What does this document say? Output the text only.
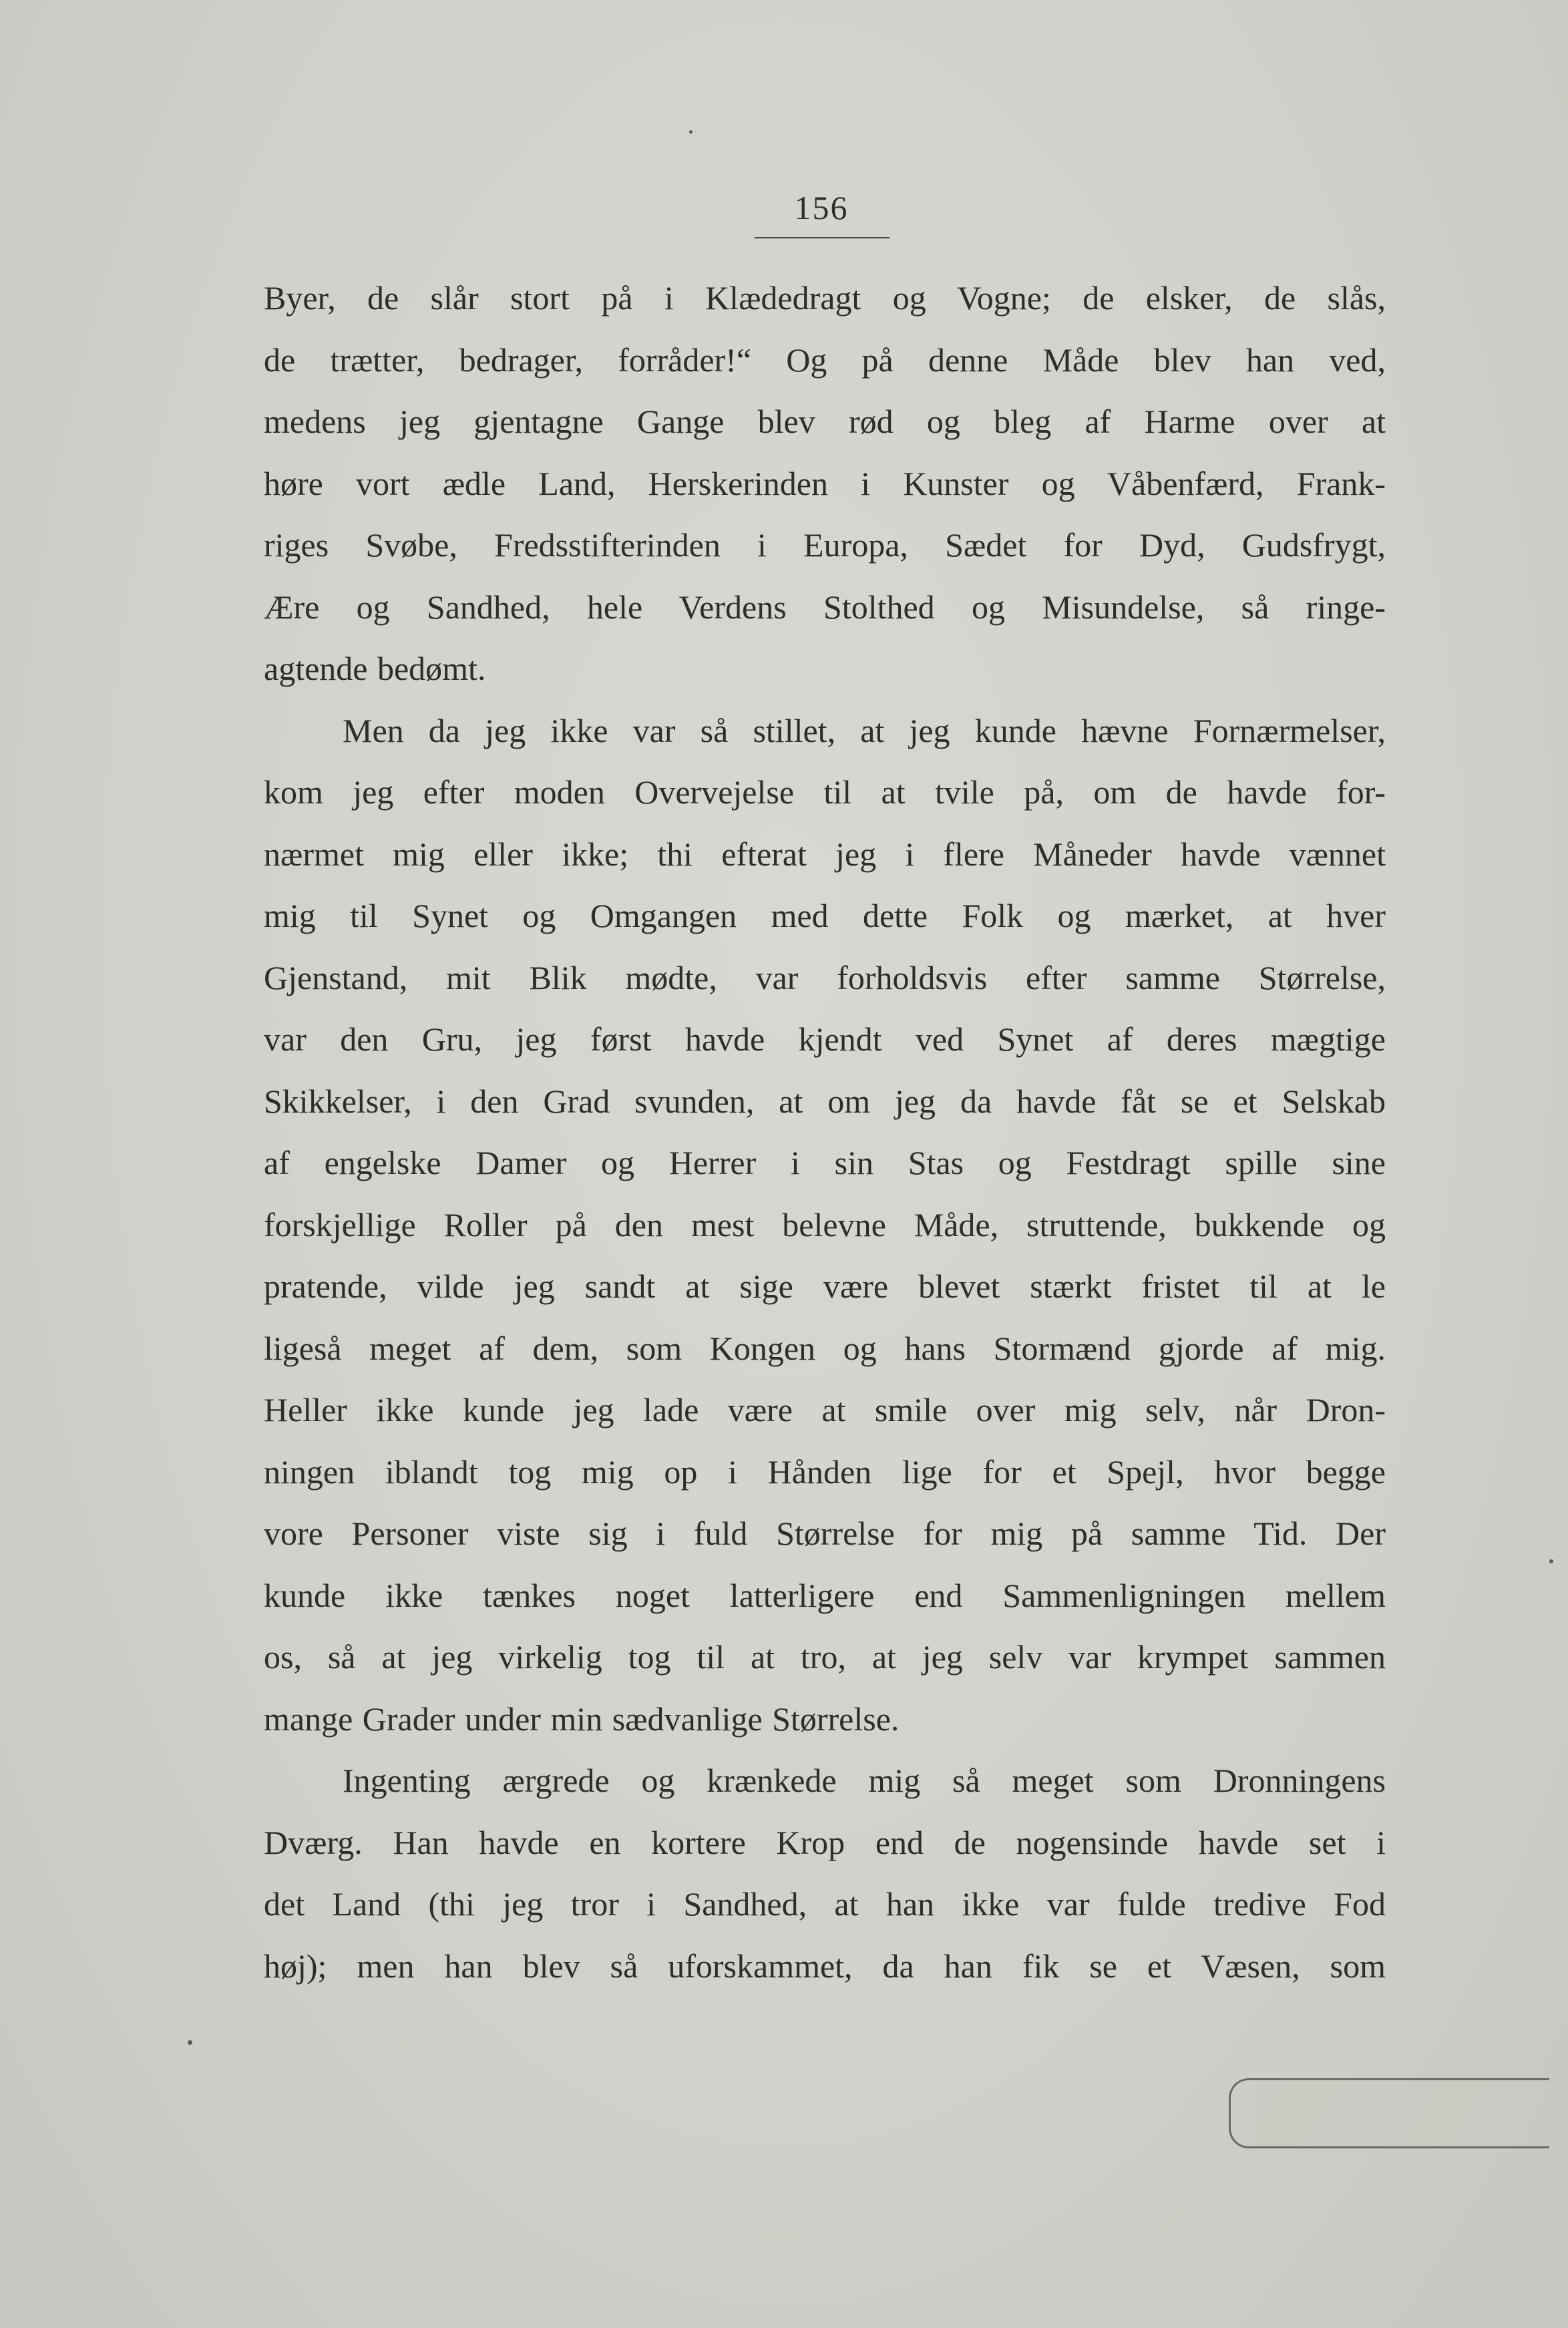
156
Byer, de slår stort på i Klædedragt og Vogne; de elsker, de slås,
de trætter, bedrager, forråder!“ Og på denne Måde blev han ved,
medens jeg gjentagne Gange blev rød og bleg af Harme over at
høre vort ædle Land, Herskerinden i Kunster og Våbenfærd, Frank-
riges Svøbe, Fredsstifterinden i Europa, Sædet for Dyd, Gudsfrygt,
Ære og Sandhed, hele Verdens Stolthed og Misundelse, så ringe-
agtende bedømt.
Men da jeg ikke var så stillet, at jeg kunde hævne Fornærmelser,
kom jeg efter moden Overvejelse til at tvile på, om de havde for-
nærmet mig eller ikke; thi efterat jeg i flere Måneder havde vænnet
mig til Synet og Omgangen med dette Folk og mærket, at hver
Gjenstand, mit Blik mødte, var forholdsvis efter samme Størrelse,
var den Gru, jeg først havde kjendt ved Synet af deres mægtige
Skikkelser, i den Grad svunden, at om jeg da havde fåt se et Selskab
af engelske Damer og Herrer i sin Stas og Festdragt spille sine
forskjellige Roller på den mest belevne Måde, struttende, bukkende og
pratende, vilde jeg sandt at sige være blevet stærkt fristet til at le
ligeså meget af dem, som Kongen og hans Stormænd gjorde af mig.
Heller ikke kunde jeg lade være at smile over mig selv, når Dron-
ningen iblandt tog mig op i Hånden lige for et Spejl, hvor begge
vore Personer viste sig i fuld Størrelse for mig på samme Tid. Der
kunde ikke tænkes noget latterligere end Sammenligningen mellem
os, så at jeg virkelig tog til at tro, at jeg selv var krympet sammen
mange Grader under min sædvanlige Størrelse.
Ingenting ærgrede og krænkede mig så meget som Dronningens
Dværg. Han havde en kortere Krop end de nogensinde havde set i
det Land (thi jeg tror i Sandhed, at han ikke var fulde tredive Fod
høj); men han blev så uforskammet, da han fik se et Væsen, som
